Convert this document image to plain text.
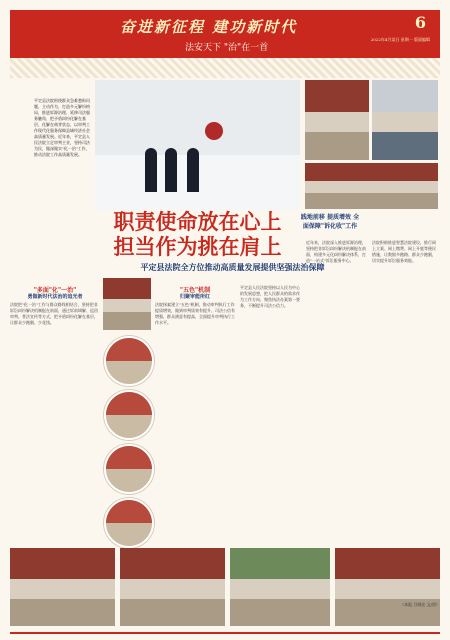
奋进新征程 建功新时代
法安天下 "治"在一首
6
2022年4月某日 星期一 版面编辑
平定县法院围绕群众急难愁盼问题，主动作为，打造多元解纷格局，推进诉源治理，延伸司法服务触角，把矛盾纠纷化解在基层、化解在萌芽状态，以审判工作现代化服务保障县域经济社会高质量发展。近年来，平定县人民法院立足审判主业，坚持司法为民，做深做实"化一治"工作，推动法院工作高质量发展。
职责使命放在心上
担当作为挑在肩上
平定县法院全方位推动高质量发展提供坚强法治保障
践地前移 提质增效 全面保障"诉化收"工作
"多面"化"一治"
勇做新时代法治的追光者
法院把"化一治"工作与群众路线相结合，坚持把非诉讼纠纷解决机制挺在前面，通过诉前调解、巡回审判、普法宣传等方式，把矛盾纠纷化解在基层，让群众少跑腿、少花钱。
"五色"机制
归聚审能所红
法院探索建立"五色"机制，推动审判执行工作提质增效，做到审判质效有提升、司法公信有增强、群众满意有提高，全面提升审判执行工作水平。
平定县人民法院坚持以人民为中心的发展思想，把人民群众的需求作为工作方向，聚焦执法办案第一要务，不断提升司法公信力。
近年来，法院深入推进诉源治理，坚持把非诉讼纠纷解决机制挺在前面，构建多元化纠纷解决体系，打造"一站式"诉讼服务中心。
法院积极推进智慧法院建设，推行网上立案、网上缴费、网上开庭等便民措施，让数据多跑路、群众少跑腿，切实提升诉讼服务效能。
（本报 吕晓宏 文/图）
